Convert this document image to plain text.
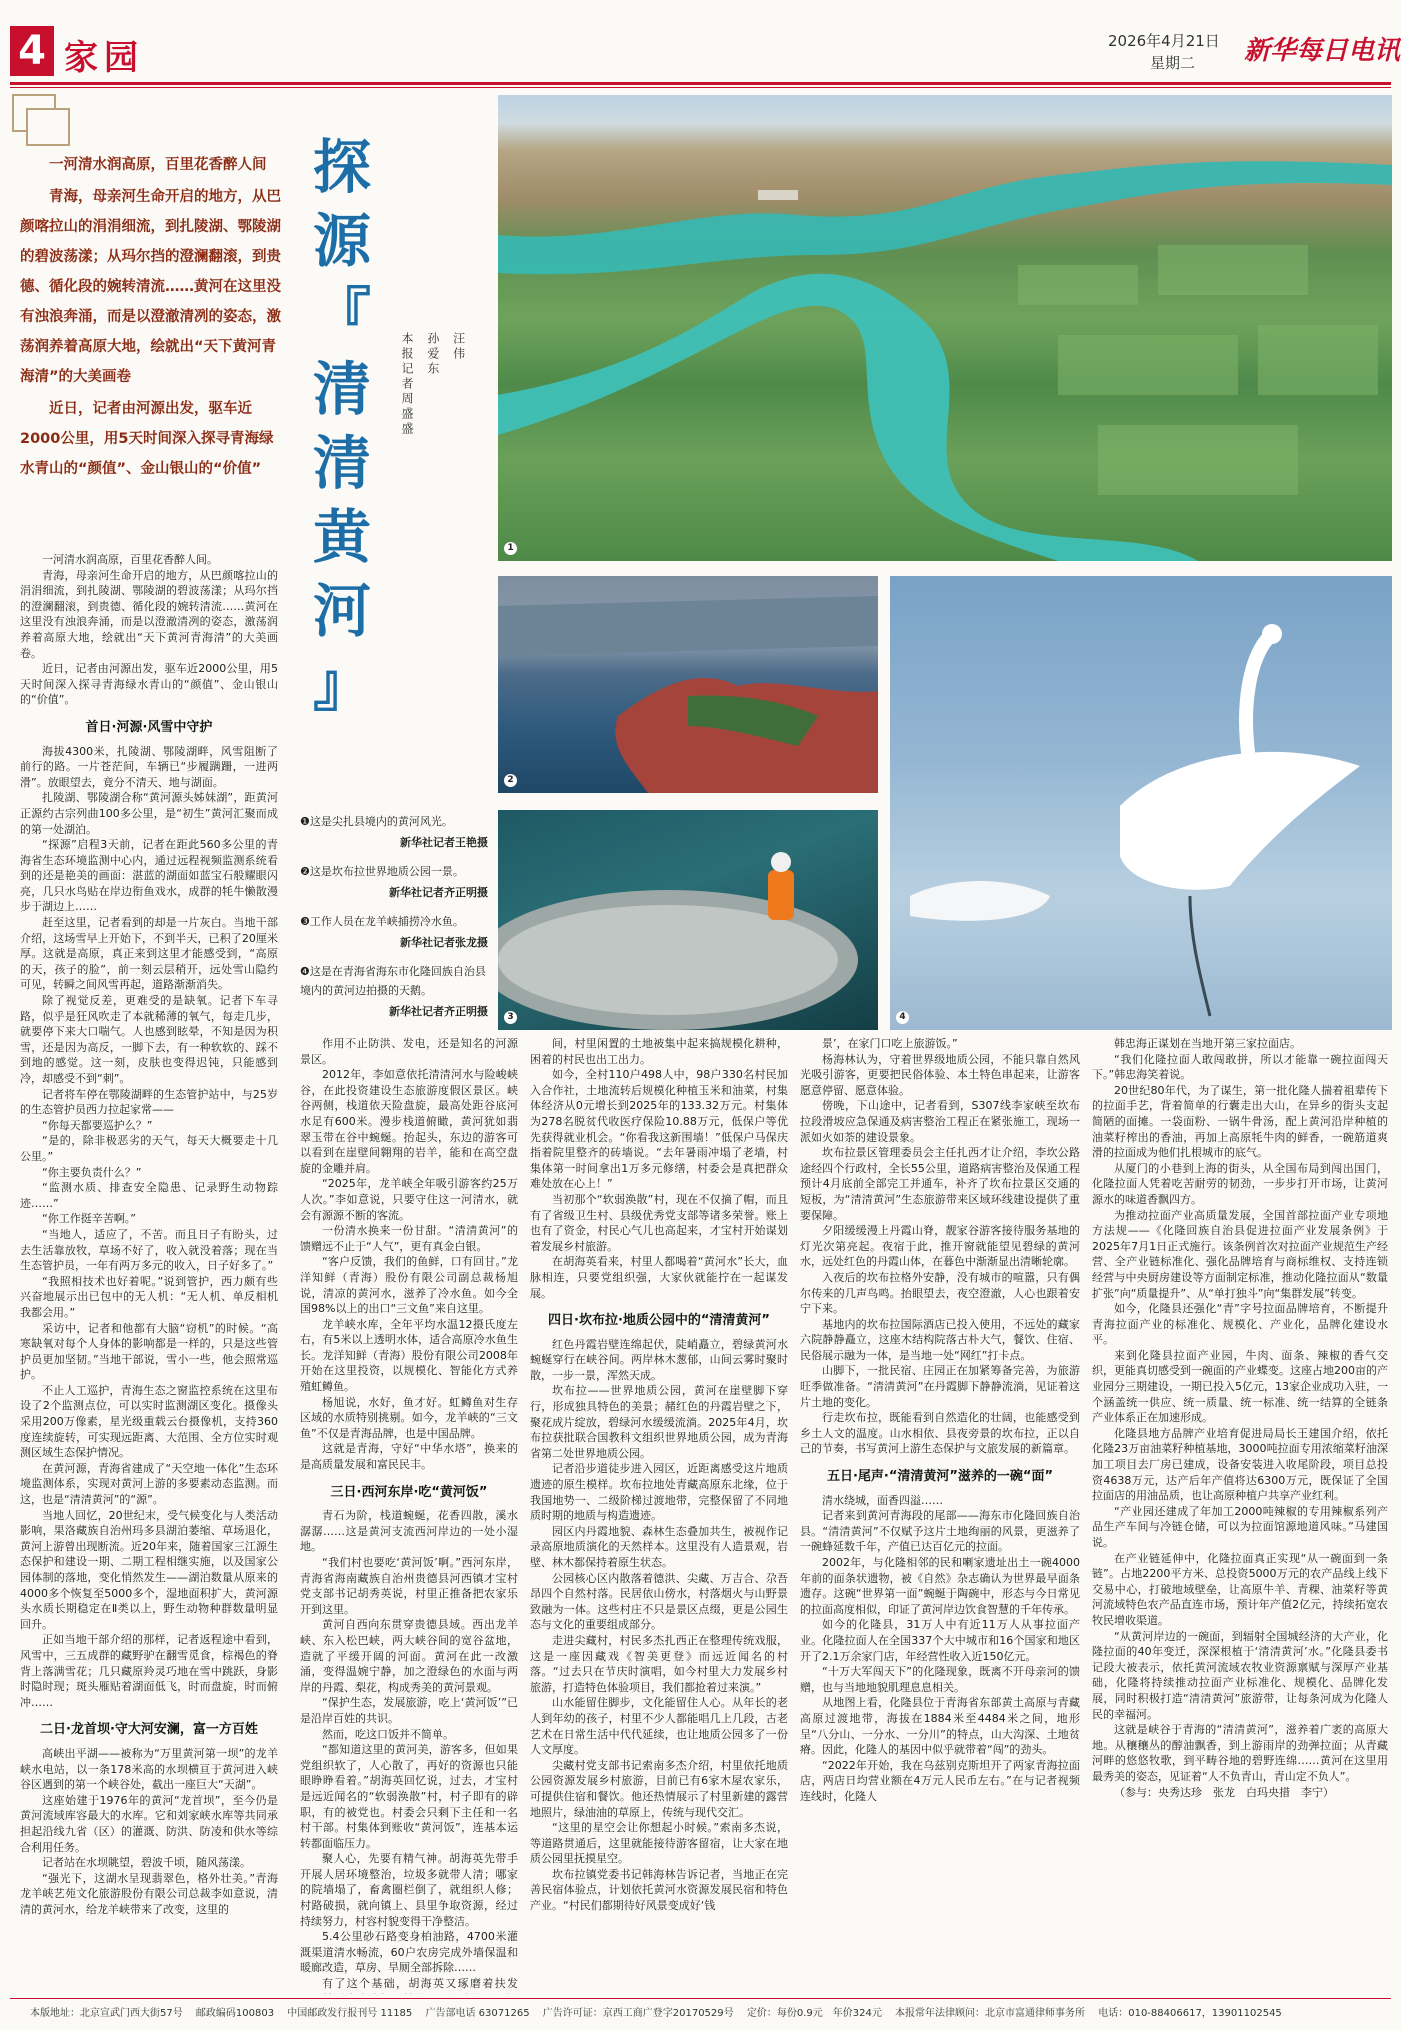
4 家园	2026年4月21日
星期二 新华每日电讯

一河清水润高原，百里花香醉人间

青海，母亲河生命开启的地方，从巴颜喀拉山的涓涓细流，到扎陵湖、鄂陵湖的碧波荡漾；从玛尔挡的澄澜翻滚，到贵德、循化段的婉转清流……黄河在这里没有浊浪奔涌，而是以澄澈清冽的姿态，激荡润养着高原大地，绘就出“天下黄河青海清”的大美画卷

近日，记者由河源出发，驱车近2000公里，用5天时间深入探寻青海绿水青山的“颜值”、金山银山的“价值”

探
源
『
清
清
黄
河
』
本报记者 孙爱东 汪伟 周盛盛
1
2
3	4

❶这是尖扎县境内的黄河风光。

新华社记者王艳摄

❷这是坎布拉世界地质公园一景。

新华社记者齐正明摄

❸工作人员在龙羊峡捕捞冷水鱼。

新华社记者张龙摄

❹这是在青海省海东市化隆回族自治县境内的黄河边拍摄的天鹅。

新华社记者齐正明摄

一河清水润高原，百里花香醉人间。

青海，母亲河生命开启的地方，从巴颜喀拉山的涓涓细流，到扎陵湖、鄂陵湖的碧波荡漾；从玛尔挡的澄澜翻滚，到贵德、循化段的婉转清流……黄河在这里没有浊浪奔涌，而是以澄澈清冽的姿态，激荡润养着高原大地，绘就出“天下黄河青海清”的大美画卷。

近日，记者由河源出发，驱车近2000公里，用5天时间深入探寻青海绿水青山的“颜值”、金山银山的“价值”。

首日·河源·风雪中守护

海拔4300米，扎陵湖、鄂陵湖畔，风雪阻断了前行的路。一片苍茫间，车辆已“步履蹒跚，一进两滑”。放眼望去，竟分不清天、地与湖面。

扎陵湖、鄂陵湖合称“黄河源头姊妹湖”，距黄河正源约古宗列曲100多公里，是“初生”黄河汇聚而成的第一处湖泊。

“探源”启程3天前，记者在距此560多公里的青海省生态环境监测中心内，通过远程视频监测系统看到的还是艳美的画面：湛蓝的湖面如蓝宝石般耀眼闪亮，几只水鸟贴在岸边衔鱼戏水，成群的牦牛懒散漫步于湖边上……

赶至这里，记者看到的却是一片灰白。当地干部介绍，这场雪早上开始下，不到半天，已积了20厘米厚。这就是高原，真正来到这里才能感受到，“高原的天，孩子的脸”，前一刻云层稍开，远处雪山隐约可见，转瞬之间风雪再起，道路渐渐消失。

除了视觉反差，更难受的是缺氧。记者下车寻路，似乎是狂风吹走了本就稀薄的氧气，每走几步，就要停下来大口喘气。人也感到眩晕，不知是因为积雪，还是因为高反，一脚下去，有一种软软的、踩不到地的感觉。这一刻，皮肤也变得迟钝，只能感到冷，却感受不到“刺”。

记者将车停在鄂陵湖畔的生态管护站中，与25岁的生态管护员西力拉起家常——

“你每天都要巡护么？”

“是的，除非极恶劣的天气，每天大概要走十几公里。”

“你主要负责什么？”

“监测水质、排查安全隐患、记录野生动物踪迹……”

“你工作挺辛苦啊。”

“当地人，适应了，不苦。而且日子有盼头，过去生活靠放牧，草场不好了，收入就没着落；现在当生态管护员，一年有两万多元的收入，日子好多了。”

“我照相技术也好着呢。”说到管护，西力颇有些兴奋地展示出已包中的无人机：“无人机、单反相机我都会用。”

采访中，记者和他都有大脑“窃机”的时候。“高寒缺氧对每个人身体的影响都是一样的，只是这些管护员更加坚韧。”当地干部说，雪小一些，他会照常巡护。

不止人工巡护，青海生态之窗监控系统在这里布设了2个监测点位，可以实时监测湖区变化。摄像头采用200万像素，星光级重载云台摄像机，支持360度连续旋转，可实现远距离、大范围、全方位实时观测区域生态保护情况。

在黄河源，青海省建成了“天空地一体化”生态环境监测体系，实现对黄河上游的多要素动态监测。而这，也是“清清黄河”的“源”。

当地人回忆，20世纪末，受气候变化与人类活动影响，果洛藏族自治州玛多县湖泊萎缩、草场退化，黄河上游曾出现断流。近20年来，随着国家三江源生态保护和建设一期、二期工程相继实施，以及国家公园体制的落地，变化悄然发生——湖泊数量从原来的4000多个恢复至5000多个，湿地面积扩大，黄河源头水质长期稳定在Ⅱ类以上，野生动物种群数量明显回升。

正如当地干部介绍的那样，记者返程途中看到，风雪中，三五成群的藏野驴在翻雪觅食，棕褐色的脊背上落满雪花；几只藏原羚灵巧地在雪中跳跃，身影时隐时现；斑头雁贴着湖面低飞，时而盘旋，时而俯冲……

二日·龙首坝·守大河安澜，富一方百姓

高峡出平湖——被称为“万里黄河第一坝”的龙羊峡水电站，以一条178米高的水坝横亘于黄河进入峡谷区遇到的第一个峡谷处，截出一座巨大“天湖”。

这座始建于1976年的黄河“龙首坝”，至今仍是黄河流域库容最大的水库。它和刘家峡水库等共同承担起沿线九省（区）的灌溉、防洪、防凌和供水等综合利用任务。

记者站在水坝眺望，碧波千顷，随风荡漾。

“强光下，这湖水呈现翡翠色，格外壮美。”青海龙羊峡艺苑文化旅游股份有限公司总裁李如意说，清清的黄河水，给龙羊峡带来了改变，这里的

作用不止防洪、发电，还是知名的河源景区。

2012年，李如意依托清清河水与险峻峡谷，在此投资建设生态旅游度假区景区。峡谷两侧，栈道依天险盘旋，最高处距谷底河水足有600米。漫步栈道俯瞰，黄河犹如翡翠玉带在谷中蜿蜒。抬起头，东边的游客可以看到在崖壁间翱翔的岩羊，能和在高空盘旋的金雕并肩。

“2025年，龙羊峡全年吸引游客约25万人次。”李如意说，只要守住这一河清水，就会有源源不断的客流。

一份清水换来一份甘甜。“清清黄河”的馈赠远不止于“人气”，更有真金白银。

“客户反馈，我们的鱼鲜，口有回甘。”龙洋知鲜（青海）股份有限公司副总裁杨旭说，清凉的黄河水，滋养了冷水鱼。如今全国98%以上的出口“三文鱼”来自这里。

龙羊峡水库，全年平均水温12摄氏度左右，有5米以上透明水体，适合高原冷水鱼生长。龙洋知鲜（青海）股份有限公司2008年开始在这里投资，以规模化、智能化方式养殖虹鳟鱼。

杨旭说，水好，鱼才好。虹鳟鱼对生存区域的水质特别挑剔。如今，龙羊峡的“三文鱼”不仅是青海品牌，也是中国品牌。

这就是青海，守好“中华水塔”，换来的是高质量发展和富民民丰。

三日·西河东岸·吃“黄河饭”

青石为阶，栈道蜿蜒，花香四散，溪水潺潺……这是黄河支流西河岸边的一处小湿地。

“我们村也要吃‘黄河饭’啊。”西河东岸，青海省海南藏族自治州贵德县河西镇才宝村党支部书记胡秀英说，村里正推备把农家乐开到这里。

黄河自西向东贯穿贵德县域。西出龙羊峡、东入松巴峡，两大峡谷间的宽谷盆地，造就了平缓开阔的河面。黄河在此一改激涌，变得温婉宁静，加之澄绿色的水面与两岸的丹霞、梨花，构成秀美的黄河景观。

“保护生态，发展旅游，吃上‘黄河饭’”已是沿岸百姓的共识。

然而，吃这口饭并不简单。

“都知道这里的黄河美，游客多，但如果党组织软了，人心散了，再好的资源也只能眼睁睁看着。”胡海英回忆说，过去，才宝村是远近闻名的“软弱涣散”村，村子即有的辟职，有的被党也。村委会只剩下主任和一名村干部。村集体到账收“黄河饭”，连基本运转都面临压力。

聚人心，先要有精气神。胡海英先带手开展人居环境整治，垃圾多就带人清；哪家的院墙塌了，畜禽圈栏倒了，就组织人修；村路破损，就向镇上、县里争取资源，经过持续努力，村容村貌变得干净整洁。

5.4公里砂石路变身柏油路，4700米灌溉渠道清水畅流，60户农房完成外墙保温和暖廊改造，草房、旱厕全部拆除……

有了这个基础，胡海英又琢磨着扶发

间，村里闲置的土地被集中起来搞规模化耕种，困着的村民也出工出力。

如今，全村110户498人中，98户330名村民加入合作社，土地流转后规模化种植玉米和油菜，村集体经济从0元增长到2025年的133.32万元。村集体为278名脱贫代收医疗保险10.88万元，低保户等优先获得就业机会。“你看我这新围墙！”低保户马保庆指着院里整齐的砖墙说。“去年暑雨冲塌了老墙，村集体第一时间拿出1万多元修缮，村委会是真把群众难处放在心上！”

当初那个“软弱涣散”村，现在不仅摘了帽，而且有了省级卫生村、县级优秀党支部等诸多荣誉。账上也有了资金，村民心气儿也高起来，才宝村开始谋划着发展乡村旅游。

在胡海英看来，村里人都喝着“黄河水”长大，血脉相连，只要党组织强，大家伙就能拧在一起谋发展。

四日·坎布拉·地质公园中的“清清黄河”

红色丹霞岩壁连绵起伏，陡峭矗立，碧绿黄河水蜿蜒穿行在峡谷间。两岸林木葱郁，山间云雾时聚时散，一步一景，浑然天成。

坎布拉——世界地质公园，黄河在崖壁脚下穿行，形成独具特色的美景；赭红色的丹霞岩壁之下，聚花成片绽放，碧绿河水缓缓流淌。2025年4月，坎布拉获批联合国教科文组织世界地质公园，成为青海省第二处世界地质公园。

记者沿步道徒步进入园区，近距离感受这片地质遗迹的原生模样。坎布拉地处青藏高原东北缘，位于我国地势一、二级阶梯过渡地带，完整保留了不同地质时期的地质与构造遗迹。

园区内丹霞地貌、森林生态叠加共生，被视作记录高原地质演化的天然样本。这里没有人造景观，岩壁、林木都保持着原生状态。

公园核心区内散落着德洪、尖藏、万吉合、尕吾昂四个自然村落。民居依山傍水，村落烟火与山野景致融为一体。这些村庄不只是景区点缀，更是公园生态与文化的重要组成部分。

走进尖藏村，村民多杰扎西正在整理传统戏服，这是一座因藏戏《智美更登》而远近闻名的村落。“过去只在节庆时演唱，如今村里大力发展乡村旅游，打造特色体验项目，我们都抢着过来演。”

山水能留住脚步，文化能留住人心。从年长的老人到年幼的孩子，村里不少人都能唱几上几段，古老艺术在日常生活中代代延续，也让地质公园多了一份人文厚度。

尖藏村党支部书记索南多杰介绍，村里依托地质公园资源发展乡村旅游，目前已有6家木屋农家乐，可提供住宿和餐饮。他还热情展示了村里新建的露营地照片，绿油油的草原上，传统与现代交汇。

“这里的星空会让你想起小时候。”索南多杰说，等道路贯通后，这里就能接待游客留宿，让大家在地质公园里抚摸星空。

坎布拉镇党委书记韩海林告诉记者，当地正在完善民宿体验点，计划依托黄河水资源发展民宿和特色产业。“村民们都期待好风景变成好‘钱

景’，在家门口吃上旅游饭。”

杨海林认为，守着世界级地质公园，不能只靠自然风光吸引游客，更要把民俗体验、本土特色串起来，让游客愿意停留、愿意体验。

傍晚，下山途中，记者看到，S307线李家峡至坎布拉段滑坡应急保通及病害整治工程正在紧张施工，现场一派如火如荼的建设景象。

坎布拉景区管理委员会主任扎西才让介绍，李坎公路途经四个行政村，全长55公里，道路病害整治及保通工程预计4月底前全部完工并通车，补齐了坎布拉景区交通的短板，为“清清黄河”生态旅游带来区域环线建设提供了重要保障。

夕阳缓缓漫上丹霞山脊，靓家谷游客接待服务基地的灯光次第亮起。夜宿于此，推开窗就能望见碧绿的黄河水，远处红色的丹霞山体，在暮色中渐渐显出清晰轮廓。

入夜后的坎布拉格外安静，没有城市的喧嚣，只有偶尔传来的几声鸟鸣。抬眼望去，夜空澄澈，人心也跟着安宁下来。

基地内的坎布拉国际酒店已投入使用，不远处的藏家六院静静矗立，这座木结构院落古朴大气，餐饮、住宿、民俗展示融为一体，是当地一处“网红”打卡点。

山脚下，一批民宿、庄园正在加紧筹备完善，为旅游旺季做准备。“清清黄河”在丹霞脚下静静流淌，见证着这片土地的变化。

行走坎布拉，既能看到自然造化的壮阔，也能感受到乡土人文的温度。山水相依、县夜旁景的坎布拉，正以自己的节奏，书写黄河上游生态保护与文旅发展的新篇章。

五日·尾声·“清清黄河”滋养的一碗“面”

清水绕城，面香四溢……

记者来到黄河青海段的尾部——海东市化隆回族自治县。“清清黄河”不仅赋予这片土地绚丽的风景，更滋养了一碗蜂延数千年，产值已达百亿元的拉面。

2002年，与化隆相邻的民和喇家遗址出土一碗4000年前的面条状遗物，被《自然》杂志确认为世界最早面条遗存。这碗“世界第一面”蜿蜒于陶碗中，形态与今日常见的拉面高度相似，印证了黄河岸边饮食智慧的千年传承。

如今的化隆县，31万人中有近11万人从事拉面产业。化隆拉面人在全国337个大中城市和16个国家和地区开了2.1万余家门店，年经营性收入近150亿元。

“十万大军闯天下”的化隆现象，既离不开母亲河的馈赠，也与当地地貌肌理息息相关。

从地图上看，化隆县位于青海省东部黄土高原与青藏高原过渡地带，海拔在1884米至4484米之间，地形呈“八分山、一分水、一分川”的特点，山大沟深、土地贫瘠。因此，化隆人的基因中似乎就带着“闯”的劲头。

“2022年开始，我在乌兹别克斯坦开了两家青海拉面店，两店日均营业额在4万元人民币左右。”在与记者视频连线时，化隆人

韩忠海正谋划在当地开第三家拉面店。

“我们化隆拉面人敢闯敢拼，所以才能靠一碗拉面闯天下。”韩忠海笑着说。

20世纪80年代，为了谋生，第一批化隆人揣着祖辈传下的拉面手艺，背着简单的行囊走出大山，在异乡的街头支起简陋的面摊。一袋面粉、一锅牛骨汤，配上黄河沿岸种植的油菜籽榨出的香油，再加上高原牦牛肉的鲜香，一碗筋道爽滑的拉面成为他们扎根城市的底气。

从厦门的小巷到上海的街头，从全国布局到闯出国门，化隆拉面人凭着吃苦耐劳的韧劲，一步步打开市场，让黄河源水的味道香飘四方。

为推动拉面产业高质量发展，全国首部拉面产业专项地方法规——《化隆回族自治县促进拉面产业发展条例》于2025年7月1日正式施行。该条例首次对拉面产业规范生产经营、全产业链标准化、强化品牌培育与商标维权、支持连锁经营与中央厨房建设等方面制定标准，推动化隆拉面从“数量扩张”向“质量提升”、从“单打独斗”向“集群发展”转变。

如今，化隆县还强化“青”字号拉面品牌培育，不断提升青海拉面产业的标准化、规模化、产业化，品牌化建设水平。

来到化隆县拉面产业园，牛肉、面条、辣椒的香气交织，更能真切感受到一碗面的产业蝶变。这座占地200亩的产业园分三期建设，一期已投入5亿元，13家企业成功入驻，一个涵盖统一供应、统一质量、统一标准、统一结算的全链条产业体系正在加速形成。

化隆县地方品牌产业培育促进局局长王建国介绍，依托化隆23万亩油菜籽种植基地，3000吨拉面专用浓缩菜籽油深加工项目去厂房已建成，设备安装进入收尾阶段，项目总投资4638万元，达产后年产值将达6300万元，既保证了全国拉面店的用油品质，也让高原种植户共享产业红利。

“产业园还建成了年加工2000吨辣椒的专用辣椒系列产品生产车间与冷链仓储，可以为拉面馆源地道风味。”马建国说。

在产业链延伸中，化隆拉面真正实现“从一碗面到一条链”。占地2200平方米、总投资5000万元的农产品线上线下交易中心，打破地域壁垒，让高原牛羊、青稞、油菜籽等黄河流域特色农产品直连市场，预计年产值2亿元，持续拓宽农牧民增收渠道。

“从黄河岸边的一碗面，到辐射全国城经济的大产业，化隆拉面的40年变迁，深深根植于‘清清黄河’水。”化隆县委书记段大被表示，依托黄河流域农牧业资源禀赋与深厚产业基础，化隆将持续推动拉面产业标准化、规模化、品牌化发展，同时积极打造“清清黄河”旅游带，让每条河成为化隆人民的幸福河。

这就是峡谷于青海的“清清黄河”，滋养着广袤的高原大地。从穰穰丛的醇油飘香，到上游雨岸的劲弹拉面；从青藏河畔的悠悠牧歌，到平畴谷地的碧野连绵……黄河在这里用最秀美的姿态，见证着“人不负青山，青山定不负人”。

（参与：央秀达珍　张龙　白玛央措　李宁）

本版地址：北京宣武门西大街57号　 邮政编码100803　 中国邮政发行报刊号 11185　 广告部电话 63071265　 广告许可证：京西工商广登字20170529号　 定价：每份0.9元　年价324元　 本报常年法律顾问：北京市富通律师事务所　 电话：010-88406617，13901102545
